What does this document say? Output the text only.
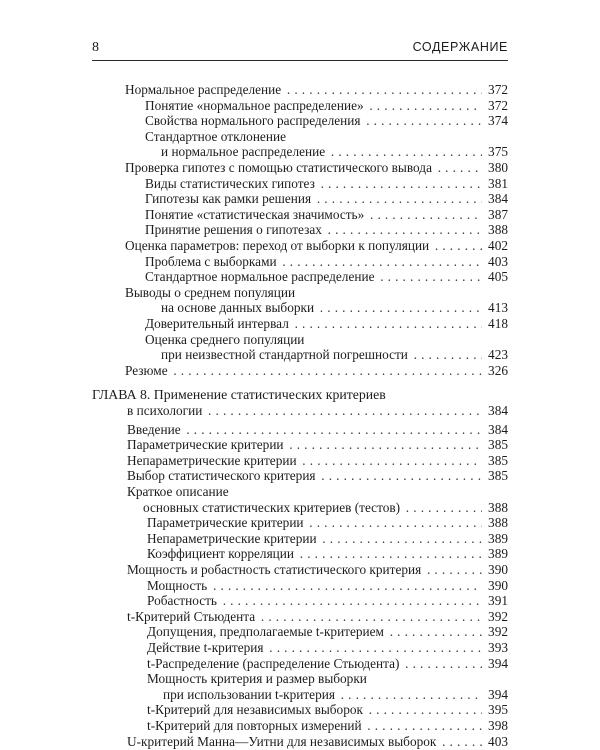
8	СОДЕРЖАНИЕ
Нормальное распределение . . .	372
Понятие «нормальное распределение» . . .	372
Свойства нормального распределения . . .	374
Стандартное отклонение
и нормальное распределение . . .	375
Проверка гипотез с помощью статистического вывода . . .	380
Виды статистических гипотез . . .	381
Гипотезы как рамки решения . . .	384
Понятие «статистическая значимость» . . .	387
Принятие решения о гипотезах . . .	388
Оценка параметров: переход от выборки к популяции . . .	402
Проблема с выборками . . .	403
Стандартное нормальное распределение . . .	405
Выводы о среднем популяции
на основе данных выборки . . .	413
Доверительный интервал . . .	418
Оценка среднего популяции
при неизвестной стандартной погрешности . . .	423
Резюме . . .	326
ГЛАВА 8. Применение статистических критериев
в психологии . . .	384
Введение . . .	384
Параметрические критерии . . .	385
Непараметрические критерии . . .	385
Выбор статистического критерия . . .	385
Краткое описание
основных статистических критериев (тестов) . . .	388
Параметрические критерии . . .	388
Непараметрические критерии . . .	389
Коэффициент корреляции . . .	389
Мощность и робастность статистического критерия . . .	390
Мощность . . .	390
Робастность . . .	391
t-Критерий Стьюдента . . .	392
Допущения, предполагаемые t-критерием . . .	392
Действие t-критерия . . .	393
t-Распределение (распределение Стьюдента) . . .	394
Мощность критерия и размер выборки
при использовании t-критерия . . .	394
t-Критерий для независимых выборок . . .	395
t-Критерий для повторных измерений . . .	398
U-критерий Манна—Уитни для независимых выборок . . .	403
